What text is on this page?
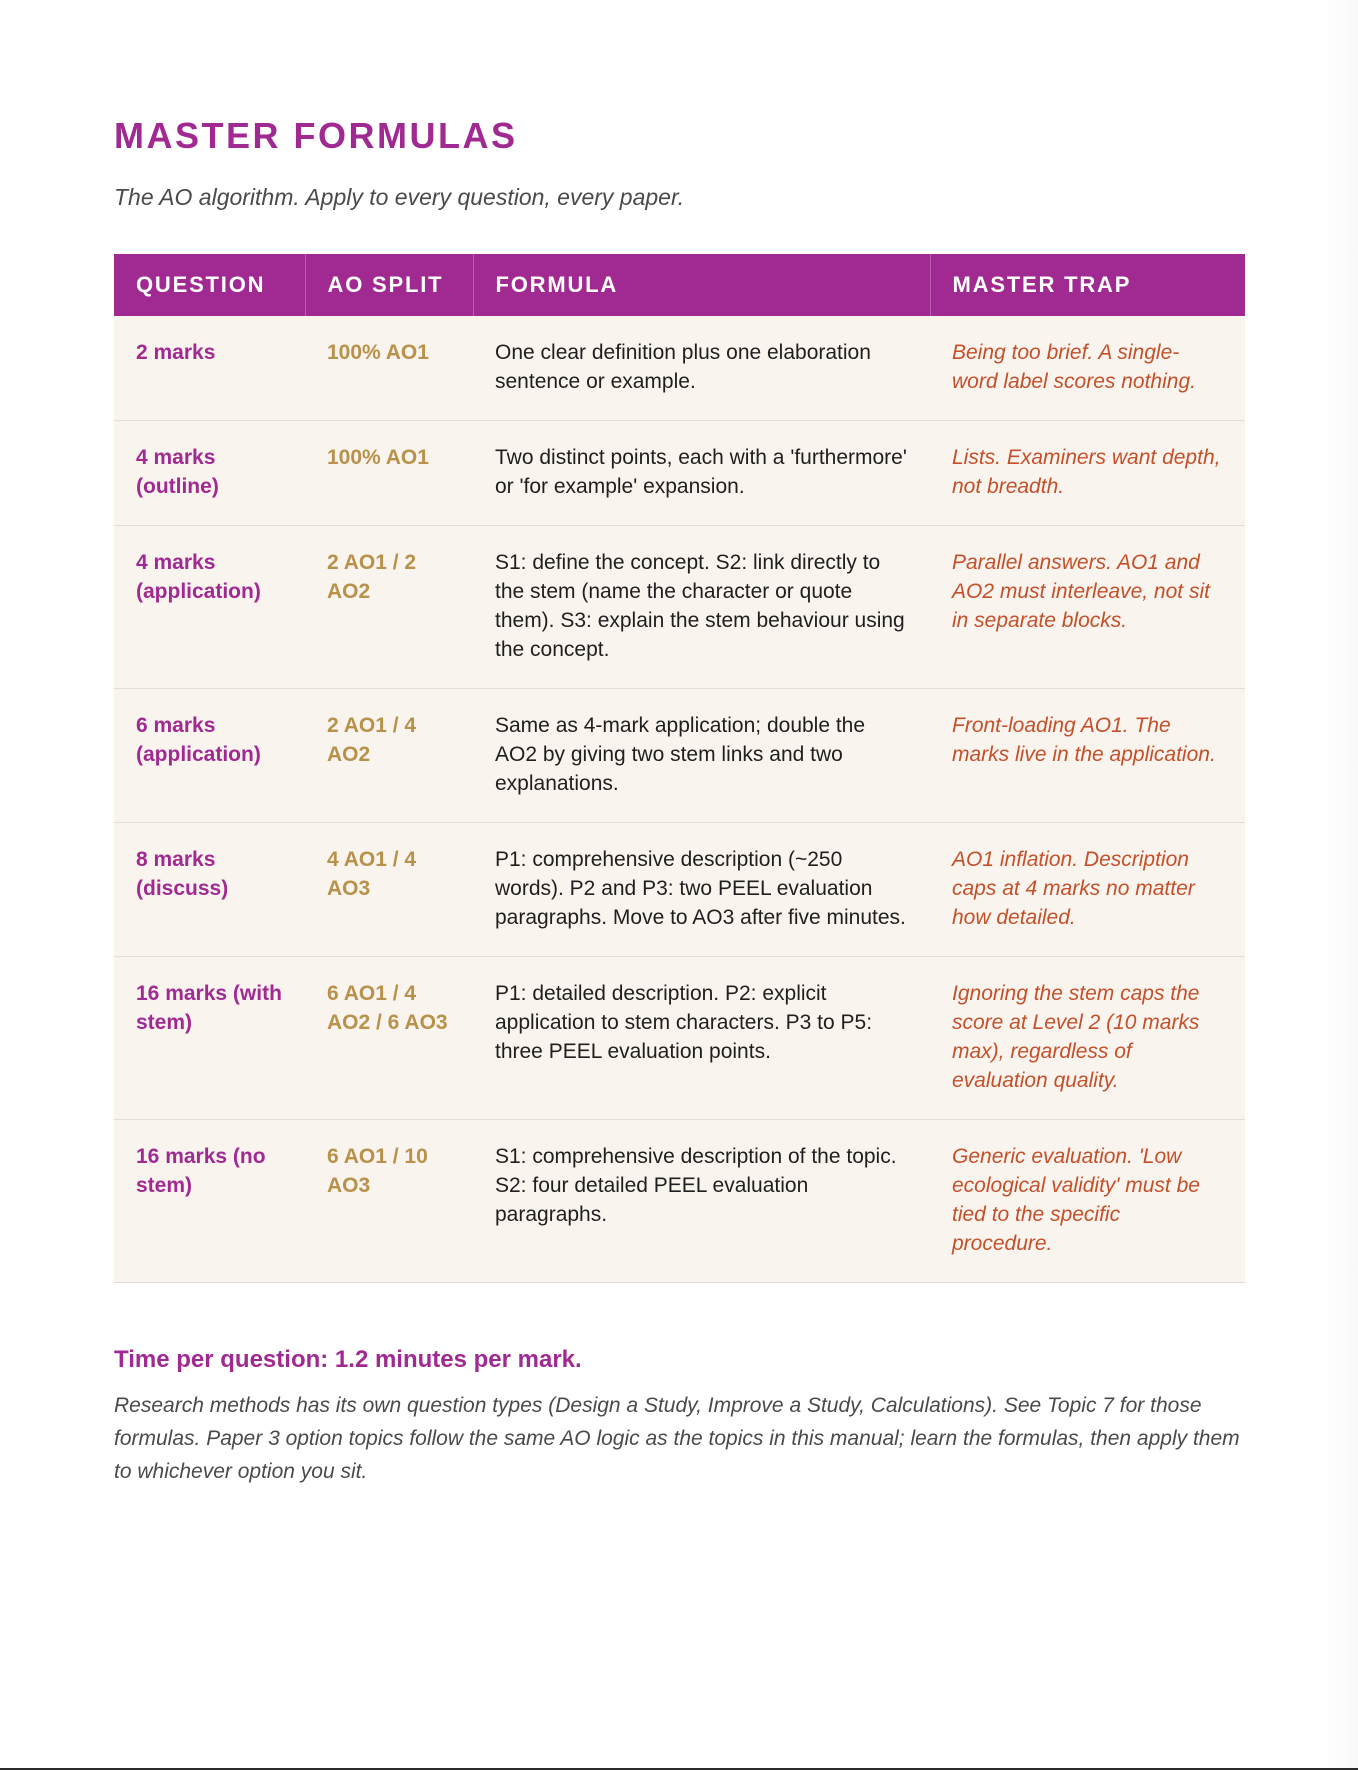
MASTER FORMULAS

The AO algorithm. Apply to every question, every paper.

QUESTION	AO SPLIT	FORMULA	MASTER TRAP
2 marks	100% AO1	One clear definition plus one elaboration sentence or example.	Being too brief. A single-word label scores nothing.
4 marks (outline)	100% AO1	Two distinct points, each with a 'furthermore' or 'for example' expansion.	Lists. Examiners want depth, not breadth.
4 marks (application)	2 AO1 / 2 AO2	S1: define the concept. S2: link directly to the stem (name the character or quote them). S3: explain the stem behaviour using the concept.	Parallel answers. AO1 and AO2 must interleave, not sit in separate blocks.
6 marks (application)	2 AO1 / 4 AO2	Same as 4-mark application; double the AO2 by giving two stem links and two explanations.	Front-loading AO1. The marks live in the application.
8 marks (discuss)	4 AO1 / 4 AO3	P1: comprehensive description (~250 words). P2 and P3: two PEEL evaluation paragraphs. Move to AO3 after five minutes.	AO1 inflation. Description caps at 4 marks no matter how detailed.
16 marks (with stem)	6 AO1 / 4 AO2 / 6 AO3	P1: detailed description. P2: explicit application to stem characters. P3 to P5: three PEEL evaluation points.	Ignoring the stem caps the score at Level 2 (10 marks max), regardless of evaluation quality.
16 marks (no stem)	6 AO1 / 10 AO3	S1: comprehensive description of the topic. S2: four detailed PEEL evaluation paragraphs.	Generic evaluation. 'Low ecological validity' must be tied to the specific procedure.

Time per question: 1.2 minutes per mark.

Research methods has its own question types (Design a Study, Improve a Study, Calculations). See Topic 7 for those formulas. Paper 3 option topics follow the same AO logic as the topics in this manual; learn the formulas, then apply them to whichever option you sit.
